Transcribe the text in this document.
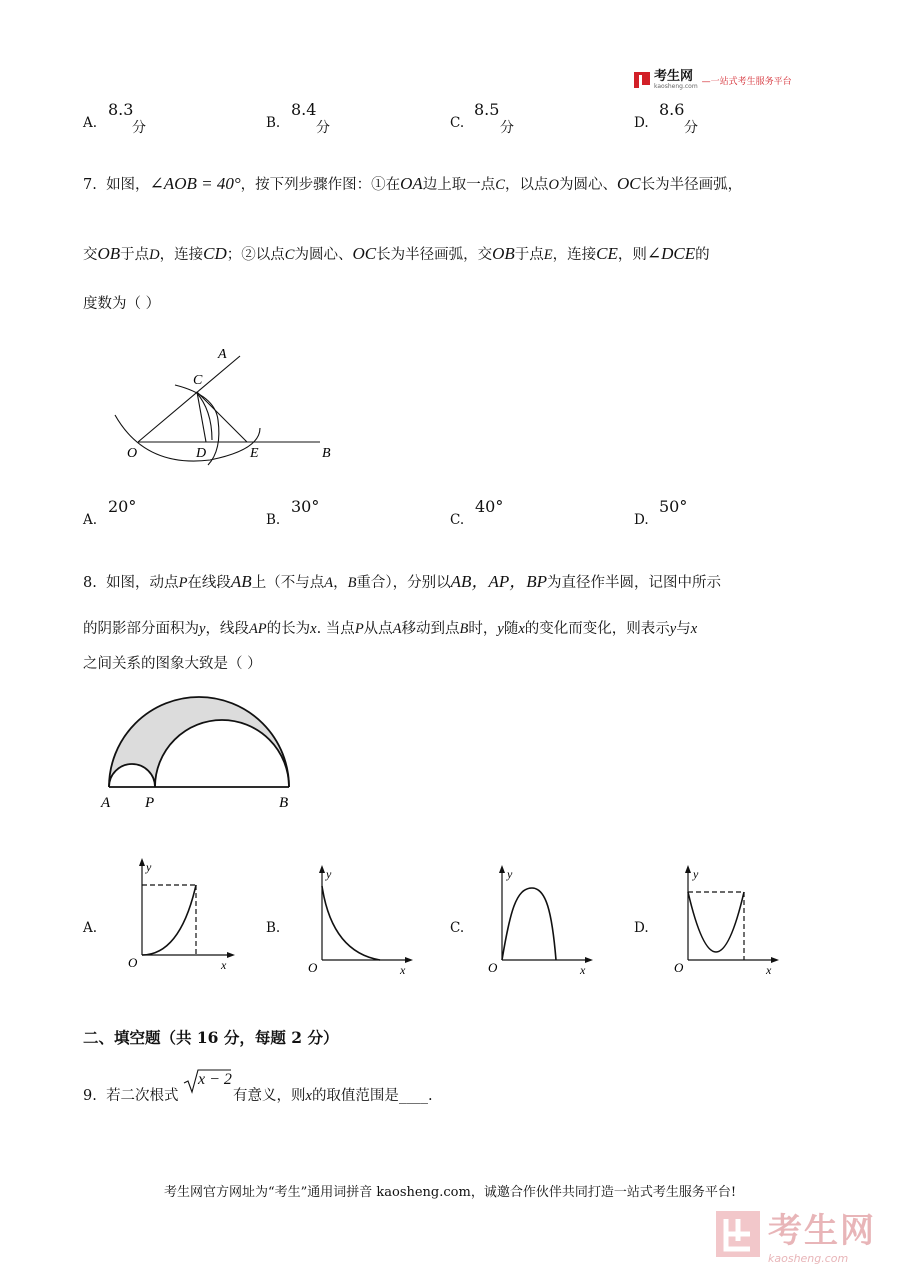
考生网
kaosheng.com —一站式考生服务平台
A.
8.3
分	B.
8.4
分	C.
8.5
分	D.
8.6
分
7. 如图，∠AOB = 40°，按下列步骤作图：①在OA边上取一点C，以点O为圆心、OC长为半径画弧，
交OB于点D，连接CD；②以点C为圆心、OC长为半径画弧，交OB于点E，连接CE，则∠DCE的
度数为（ ）
A
C
O	D	E	B
A.
20°
B.
30°
C.
40°
D.
50°
8. 如图，动点P在线段AB上（不与点A，B重合），分别以AB，AP，BP为直径作半圆，记图中所示
的阴影部分面积为y，线段AP的长为x. 当点P从点A移动到点B时，y随x的变化而变化，则表示y与x
之间关系的图象大致是（ ）
A P	B
A.	B.	C.	D.
y
x
O
y
x
O
y
x
O
y
x
O
二、填空题（共 16 分，每题 2 分）
9. 若二次根式
x − 2
有意义，则x的取值范围是____.
考生网官方网址为“考生”通用词拼音 kaosheng.com，诚邀合作伙伴共同打造一站式考生服务平台!
考生网
kaosheng.com
